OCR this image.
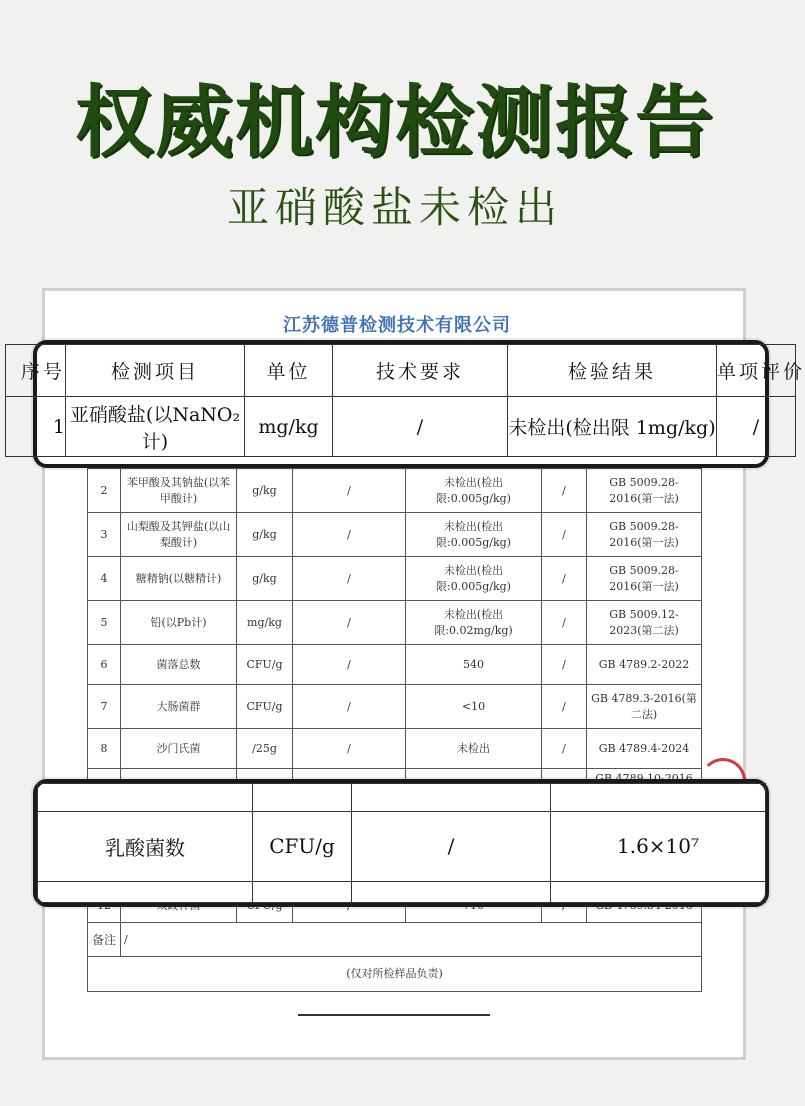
权威机构检测报告
亚硝酸盐未检出
江苏德普检测技术有限公司

2	苯甲酸及其钠盐(以苯甲酸计)	g/kg	/	未检出(检出限:0.005g/kg)	/	GB 5009.28-2016(第一法)
3	山梨酸及其钾盐(以山梨酸计)	g/kg	/	未检出(检出限:0.005g/kg)	/	GB 5009.28-2016(第一法)
4	糖精钠(以糖精计)	g/kg	/	未检出(检出限:0.005g/kg)	/	GB 5009.28-2016(第一法)
5	铅(以Pb计)	mg/kg	/	未检出(检出限:0.02mg/kg)	/	GB 5009.12-2023(第二法)
6	菌落总数	CFU/g	/	540	/	GB 4789.2-2022
7	大肠菌群	CFU/g	/	<10	/	GB 4789.3-2016(第二法)
8	沙门氏菌	/25g	/	未检出	/	GB 4789.4-2024

备注	/					
(仅对所检样品负责)						
序号	检测项目	单位	技术要求	检验结果	单项评价
1	亚硝酸盐(以NaNO₂计)	mg/kg	/	未检出(检出限 1mg/kg)	/

乳酸菌数	CFU/g	/	1.6×10⁷
